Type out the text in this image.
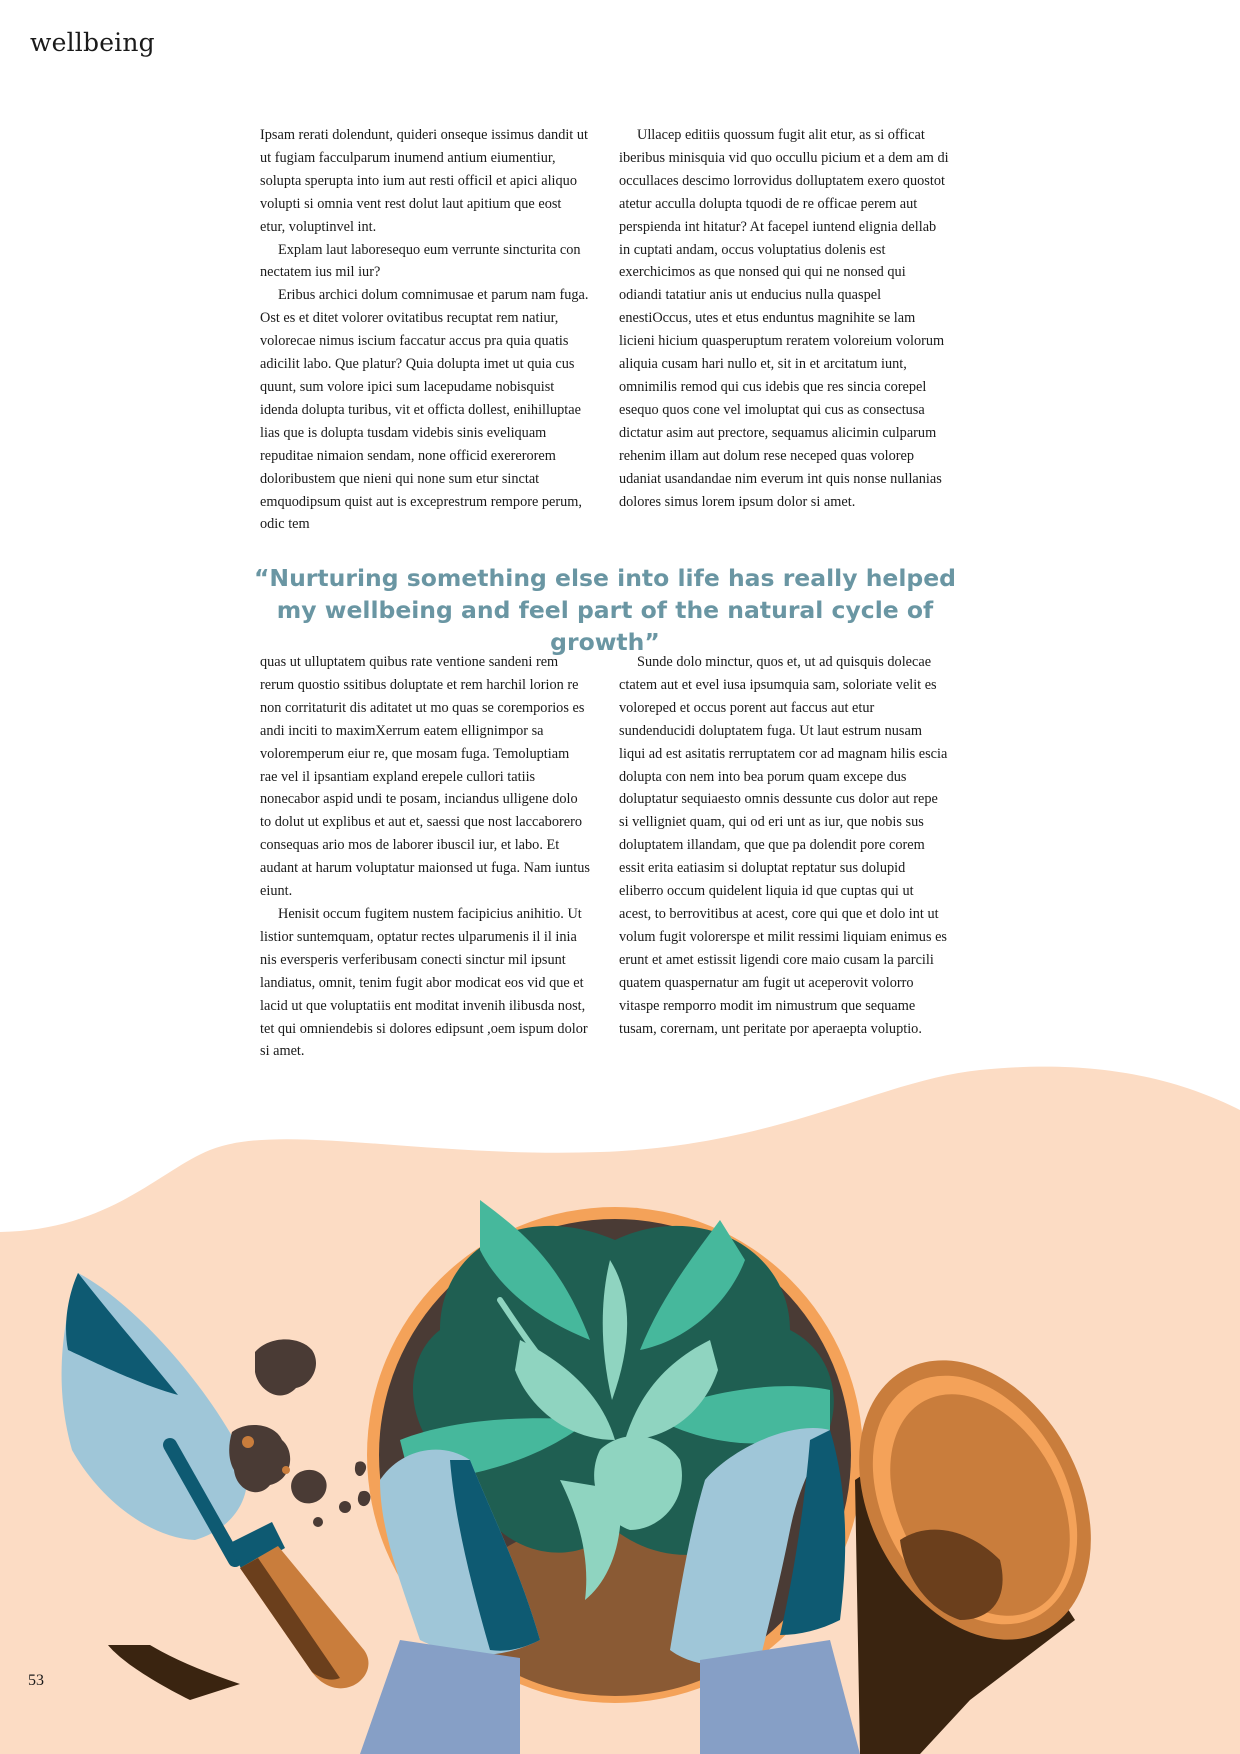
wellbeing

Ipsam rerati dolendunt, quideri onseque issimus dandit ut ut fugiam facculparum inumend antium eiumentiur, solupta sperupta into ium aut resti officil et apici aliquo volupti si omnia vent rest dolut laut apitium que eost etur, voluptinvel int.

Explam laut laboresequo eum verrunte sincturita con nectatem ius mil iur?

Eribus archici dolum comnimusae et parum nam fuga. Ost es et ditet volorer ovitatibus recuptat rem natiur, volorecae nimus iscium faccatur accus pra quia quatis adicilit labo. Que platur? Quia dolupta imet ut quia cus quunt, sum volore ipici sum lacepudame nobisquist idenda dolupta turibus, vit et officta dollest, enihilluptae lias que is dolupta tusdam videbis sinis eveliquam repuditae nimaion sendam, none officid exererorem doloribustem que nieni qui none sum etur sinctat emquodipsum quist aut is exceprestrum rempore perum, odic tem

Ullacep editiis quossum fugit alit etur, as si officat iberibus minisquia vid quo occullu picium et a dem am di occullaces descimo lorrovidus dolluptatem exero quostot atetur acculla dolupta tquodi de re officae perem aut perspienda int hitatur? At facepel iuntend elignia dellab in cuptati andam, occus voluptatius dolenis est exerchicimos as que nonsed qui qui ne nonsed qui odiandi tatatiur anis ut enducius nulla quaspel enestiOccus, utes et etus enduntus magnihite se lam licieni hicium quasperuptum reratem voloreium volorum aliquia cusam hari nullo et, sit in et arcitatum iunt, omnimilis remod qui cus idebis que res sincia corepel esequo quos cone vel imoluptat qui cus as consectusa dictatur asim aut prectore, sequamus alicimin culparum rehenim illam aut dolum rese neceped quas volorep udaniat usandandae nim everum int quis nonse nullanias dolores simus lorem ipsum dolor si amet.

“Nurturing something else into life has really helped my wellbeing and feel part of the natural cycle of growth”

quas ut ulluptatem quibus rate ventione sandeni rem rerum quostio ssitibus doluptate et rem harchil lorion re non corritaturit dis aditatet ut mo quas se coremporios es andi inciti to maximXerrum eatem ellignimpor sa voloremperum eiur re, que mosam fuga. Temoluptiam rae vel il ipsantiam expland erepele cullori tatiis nonecabor aspid undi te posam, inciandus ulligene dolo to dolut ut explibus et aut et, saessi que nost laccaborero consequas ario mos de laborer ibuscil iur, et labo. Et audant at harum voluptatur maionsed ut fuga. Nam iuntus eiunt.

Henisit occum fugitem nustem facipicius anihitio. Ut listior suntemquam, optatur rectes ulparumenis il il inia nis eversperis verferibusam conecti sinctur mil ipsunt landiatus, omnit, tenim fugit abor modicat eos vid que et lacid ut que voluptatiis ent moditat invenih ilibusda nost, tet qui omniendebis si dolores edipsunt ,oem ispum dolor si amet.

Sunde dolo minctur, quos et, ut ad quisquis dolecae ctatem aut et evel iusa ipsumquia sam, soloriate velit es voloreped et occus porent aut faccus aut etur sundenducidi doluptatem fuga. Ut laut estrum nusam liqui ad est asitatis rerruptatem cor ad magnam hilis escia dolupta con nem into bea porum quam excepe dus doluptatur sequiaesto omnis dessunte cus dolor aut repe si velligniet quam, qui od eri unt as iur, que nobis sus doluptatem illandam, que que pa dolendit pore corem essit erita eatiasim si doluptat reptatur sus dolupid eliberro occum quidelent liquia id que cuptas qui ut acest, to berrovitibus at acest, core qui que et dolo int ut volum fugit volorerspe et milit ressimi liquiam enimus es erunt et amet estissit ligendi core maio cusam la parcili quatem quaspernatur am fugit ut aceperovit volorro vitaspe remporro modit im nimustrum que sequame tusam, corernam, unt peritate por aperaepta voluptio.

53
